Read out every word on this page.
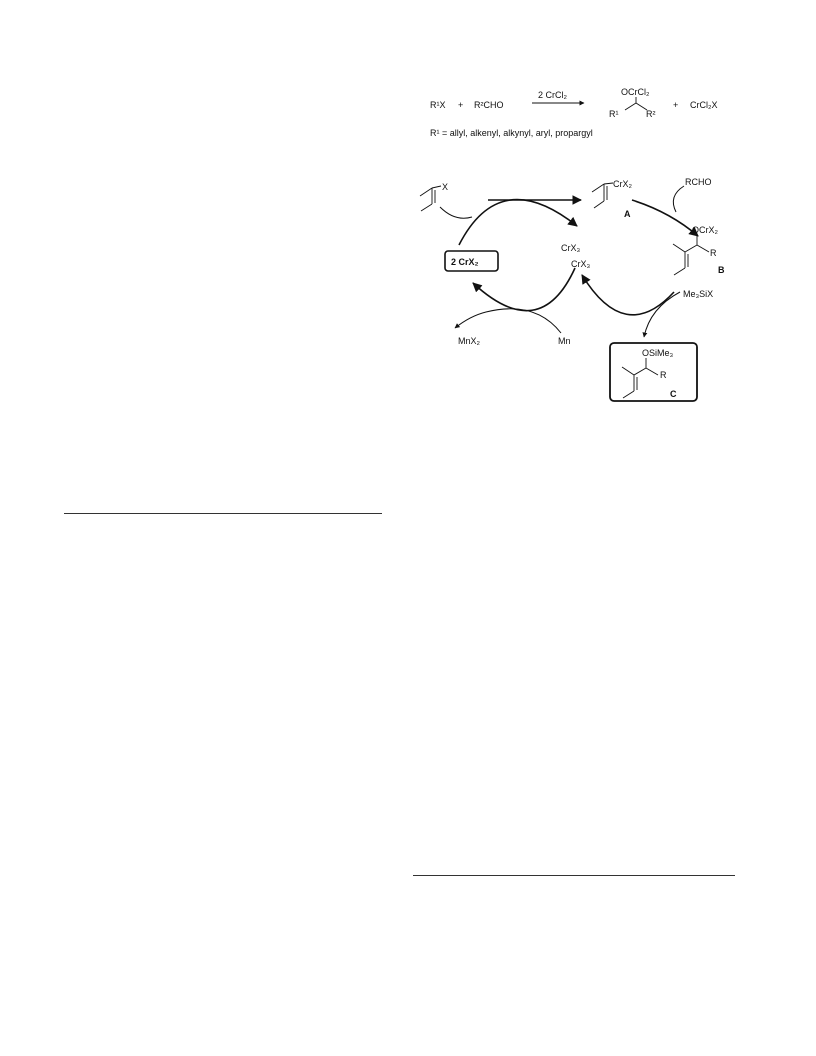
R¹X + R²CHO
2 CrCl₂	OCrCl₂
R¹	R²
+ CrCl₂X
R¹ = allyl, alkenyl, alkynyl, aryl, propargyl
X
2 CrX₂
CrX₃
CrX₃
MnX₂	Mn
CrX₂
A
RCHO
OCrX₂
R
B
Me₃SiX
OSiMe₃
R
C
